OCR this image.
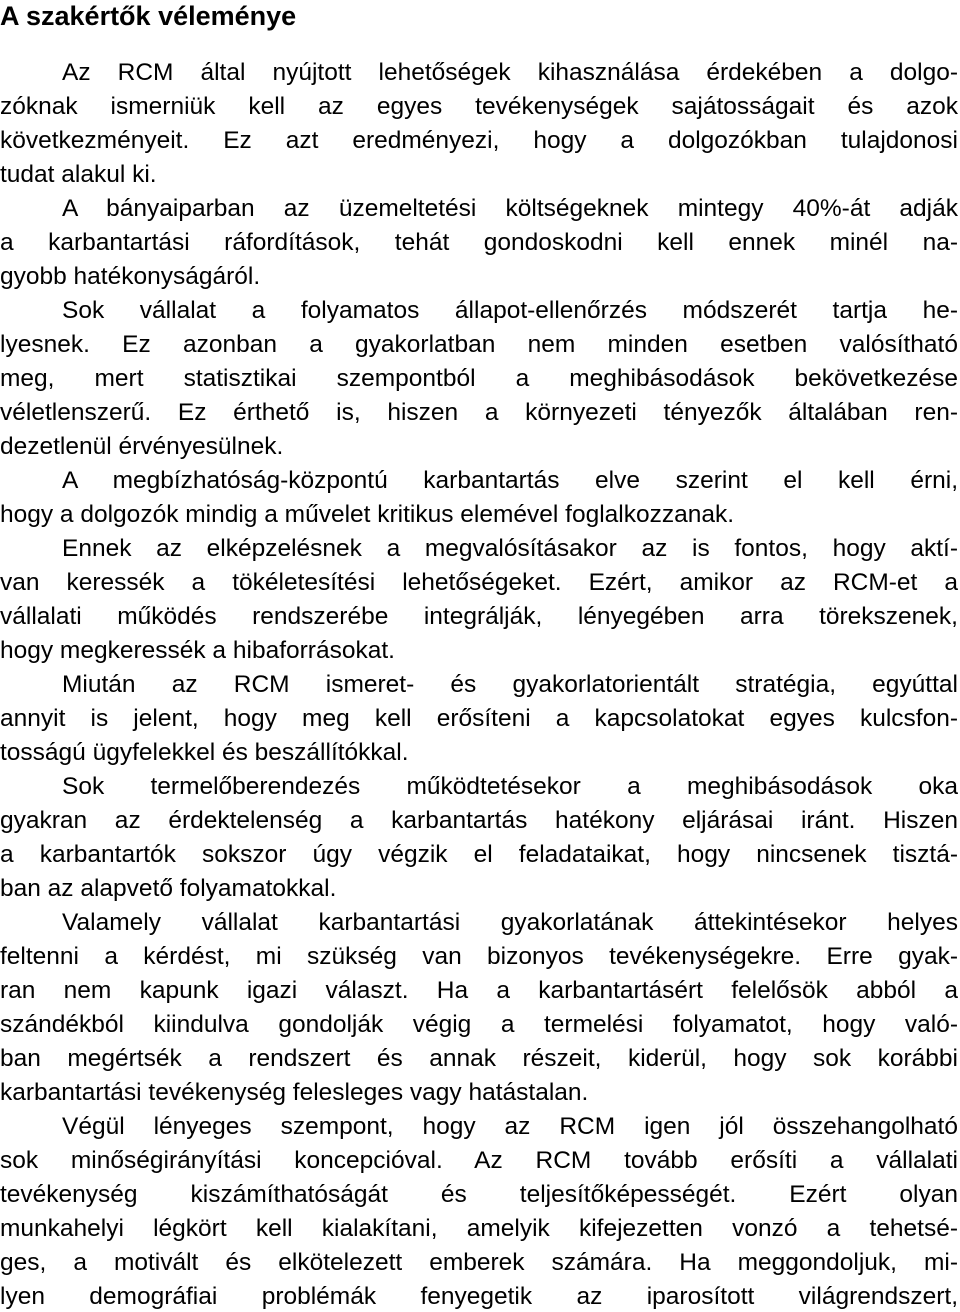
A szakértők véleménye
Az RCM által nyújtott lehetőségek kihasználása érdekében a dolgo-
zóknak ismerniük kell az egyes tevékenységek sajátosságait és azok
következményeit. Ez azt eredményezi, hogy a dolgozókban tulajdonosi
tudat alakul ki.
A bányaiparban az üzemeltetési költségeknek mintegy 40%-át adják
a karbantartási ráfordítások, tehát gondoskodni kell ennek minél na-
gyobb hatékonyságáról.
Sok vállalat a folyamatos állapot-ellenőrzés módszerét tartja he-
lyesnek. Ez azonban a gyakorlatban nem minden esetben valósítható
meg, mert statisztikai szempontból a meghibásodások bekövetkezése
véletlenszerű. Ez érthető is, hiszen a környezeti tényezők általában ren-
dezetlenül érvényesülnek.
A megbízhatóság-központú karbantartás elve szerint el kell érni,
hogy a dolgozók mindig a művelet kritikus elemével foglalkozzanak.
Ennek az elképzelésnek a megvalósításakor az is fontos, hogy aktí-
van keressék a tökéletesítési lehetőségeket. Ezért, amikor az RCM-et a
vállalati működés rendszerébe integrálják, lényegében arra törekszenek,
hogy megkeressék a hibaforrásokat.
Miután az RCM ismeret- és gyakorlatorientált stratégia, egyúttal
annyit is jelent, hogy meg kell erősíteni a kapcsolatokat egyes kulcsfon-
tosságú ügyfelekkel és beszállítókkal.
Sok termelőberendezés működtetésekor a meghibásodások oka
gyakran az érdektelenség a karbantartás hatékony eljárásai iránt. Hiszen
a karbantartók sokszor úgy végzik el feladataikat, hogy nincsenek tisztá-
ban az alapvető folyamatokkal.
Valamely vállalat karbantartási gyakorlatának áttekintésekor helyes
feltenni a kérdést, mi szükség van bizonyos tevékenységekre. Erre gyak-
ran nem kapunk igazi választ. Ha a karbantartásért felelősök abból a
szándékból kiindulva gondolják végig a termelési folyamatot, hogy való-
ban megértsék a rendszert és annak részeit, kiderül, hogy sok korábbi
karbantartási tevékenység felesleges vagy hatástalan.
Végül lényeges szempont, hogy az RCM igen jól összehangolható
sok minőségirányítási koncepcióval. Az RCM tovább erősíti a vállalati
tevékenység kiszámíthatóságát és teljesítőképességét. Ezért olyan
munkahelyi légkört kell kialakítani, amelyik kifejezetten vonzó a tehetsé-
ges, a motivált és elkötelezett emberek számára. Ha meggondoljuk, mi-
lyen demográfiai problémák fenyegetik az iparosított világrendszert,
